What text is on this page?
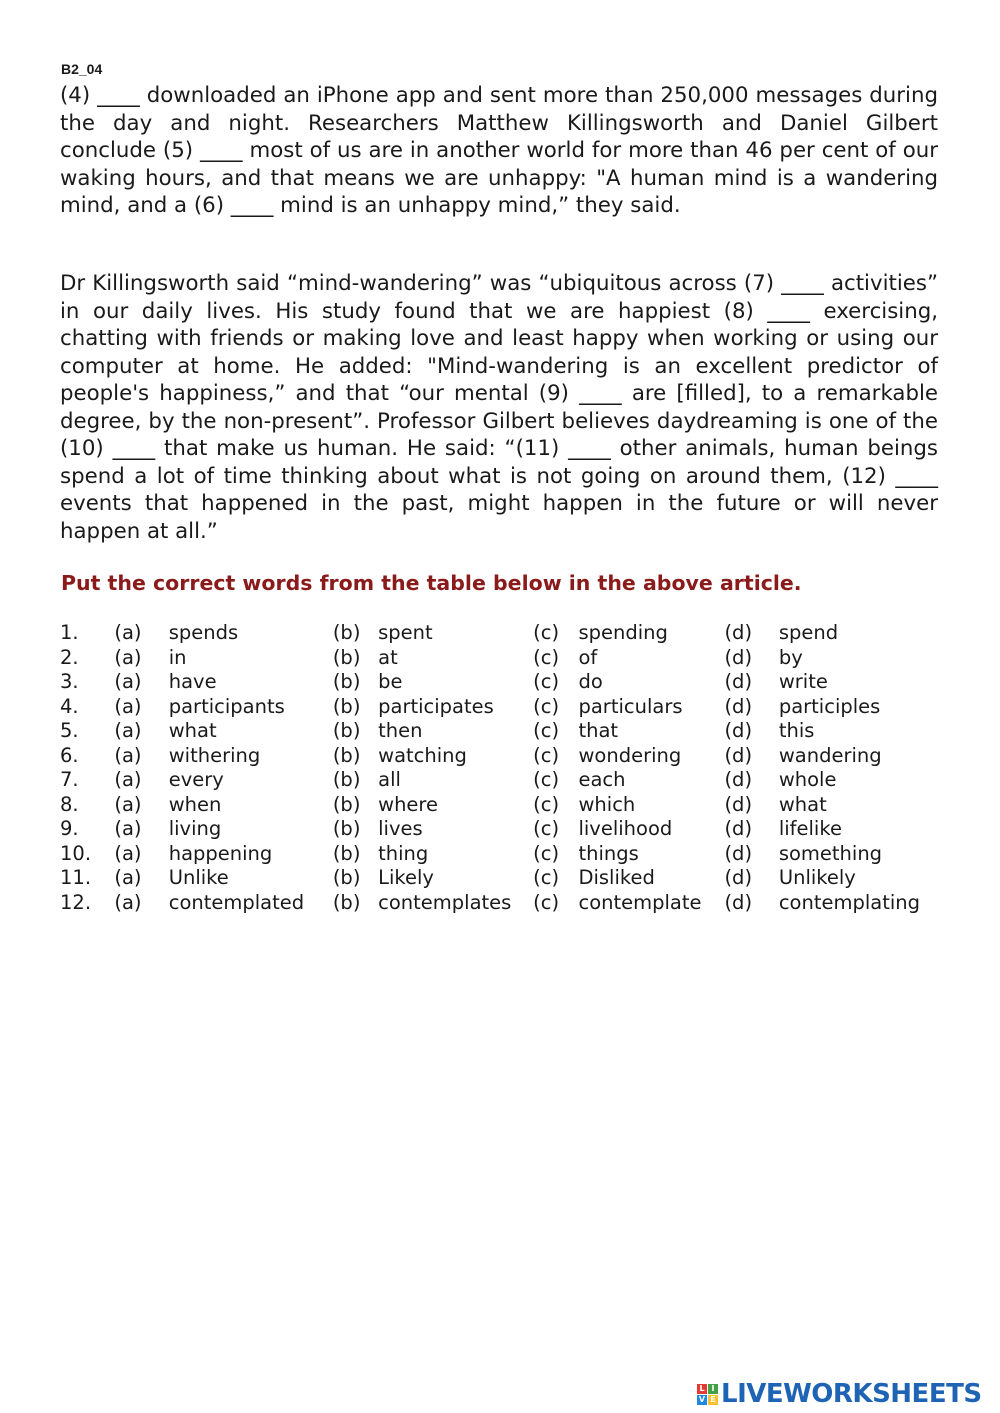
B2_04

(4) ____ downloaded an iPhone app and sent more than 250,000 messages during the day and night. Researchers Matthew Killingsworth and Daniel Gilbert conclude (5) ____ most of us are in another world for more than 46 per cent of our waking hours, and that means we are unhappy: "A human mind is a wandering mind, and a (6) ____ mind is an unhappy mind,” they said.

Dr Killingsworth said “mind-wandering” was “ubiquitous across (7) ____ activities” in our daily lives. His study found that we are happiest (8) ____ exercising, chatting with friends or making love and least happy when working or using our computer at home. He added: "Mind-wandering is an excellent predictor of people's happiness,” and that “our mental (9) ____ are [filled], to a remarkable degree, by the non-present”. Professor Gilbert believes daydreaming is one of the (10) ____ that make us human. He said: “(11) ____ other animals, human beings spend a lot of time thinking about what is not going on around them, (12) ____ events that happened in the past, might happen in the future or will never happen at all.”

Put the correct words from the table below in the above article.

1.	(a)	spends	(b)	spent	(c)	spending	(d)	spend
2.	(a)	in	(b)	at	(c)	of	(d)	by
3.	(a)	have	(b)	be	(c)	do	(d)	write
4.	(a)	participants	(b)	participates	(c)	particulars	(d)	participles
5.	(a)	what	(b)	then	(c)	that	(d)	this
6.	(a)	withering	(b)	watching	(c)	wondering	(d)	wandering
7.	(a)	every	(b)	all	(c)	each	(d)	whole
8.	(a)	when	(b)	where	(c)	which	(d)	what
9.	(a)	living	(b)	lives	(c)	livelihood	(d)	lifelike
10.	(a)	happening	(b)	thing	(c)	things	(d)	something
11.	(a)	Unlike	(b)	Likely	(c)	Disliked	(d)	Unlikely
12.	(a)	contemplated	(b)	contemplates	(c)	contemplate	(d)	contemplating
L I
V E LIVEWORKSHEETS
